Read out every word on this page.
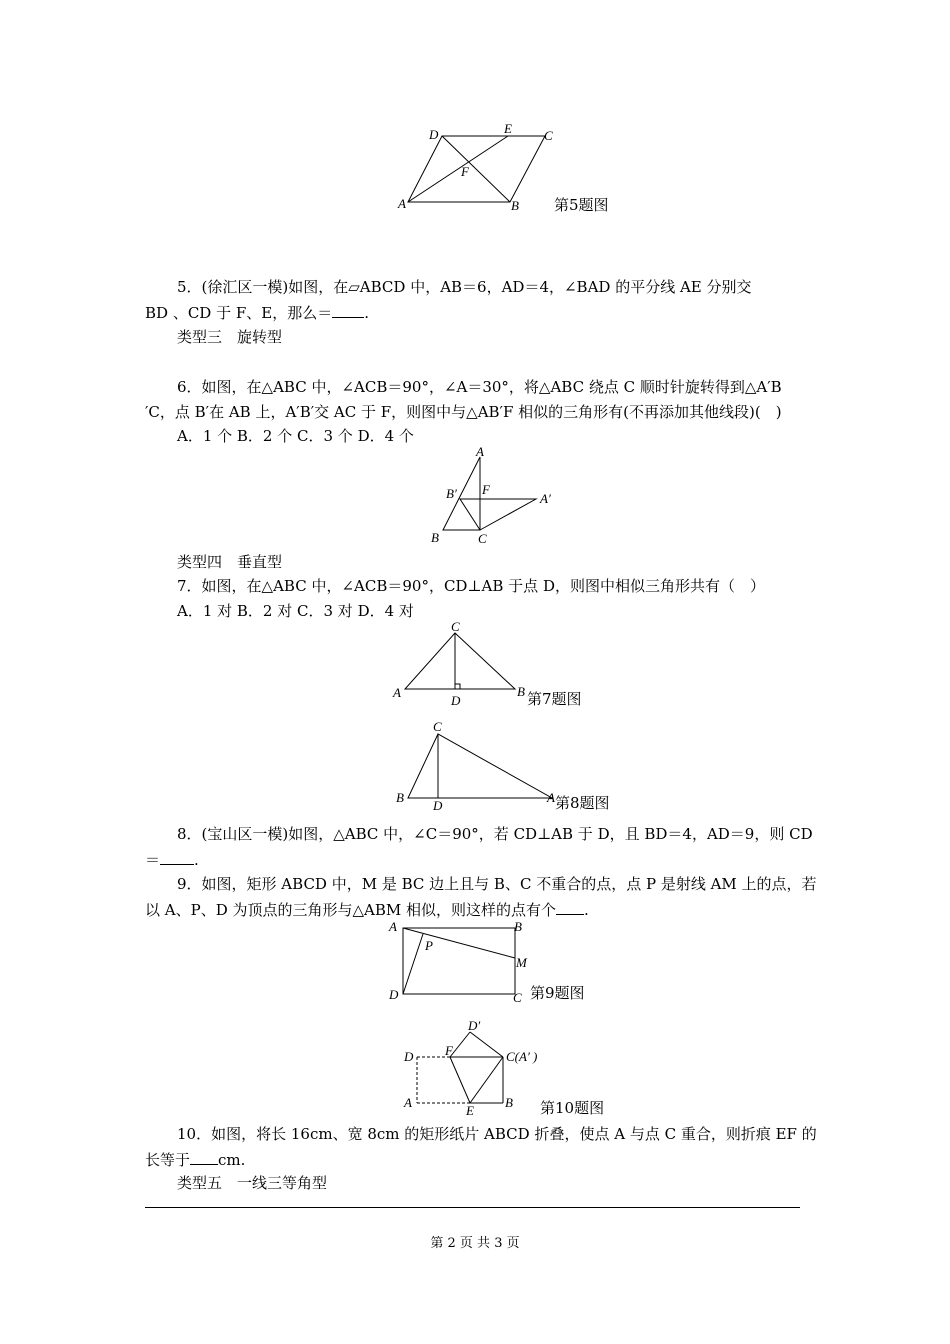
A	B
C
D	E
F
第5题图
5．(徐汇区一模)如图，在▱ABCD 中，AB＝6，AD＝4，∠BAD 的平分线 AE 分别交
BD 、CD 于 F、E，那么＝ .
类型三　旋转型
6．如图，在△ABC 中，∠ACB＝90°，∠A＝30°，将△ABC 绕点 C 顺时针旋转得到△A′B
′C，点 B′在 AB 上，A′B′交 AC 于 F，则图中与△AB′F 相似的三角形有(不再添加其他线段)(　)
A．1 个 B．2 个 C．3 个 D．4 个
A
B	C
B′ F
A′
类型四　垂直型
7．如图，在△ABC 中，∠ACB＝90°，CD⊥AB 于点 D，则图中相似三角形共有（　）
A．1 对 B．2 对 C．3 对 D．4 对
C
A	B
D	第7题图
C
B	A
D	第8题图
8．(宝山区一模)如图，△ABC 中，∠C＝90°，若 CD⊥AB 于 D，且 BD＝4，AD＝9，则 CD
＝ .
9．如图，矩形 ABCD 中，M 是 BC 边上且与 B、C 不重合的点，点 P 是射线 AM 上的点，若
以 A、P、D 为顶点的三角形与△ABM 相似，则这样的点有个 .
A	B
C
D
M
P
第9题图
D′
D F	C(A′ )
A
E
B 第10题图
10．如图，将长 16cm、宽 8cm 的矩形纸片 ABCD 折叠，使点 A 与点 C 重合，则折痕 EF 的
长等于 cm.
类型五　一线三等角型
第 2 页 共 3 页
